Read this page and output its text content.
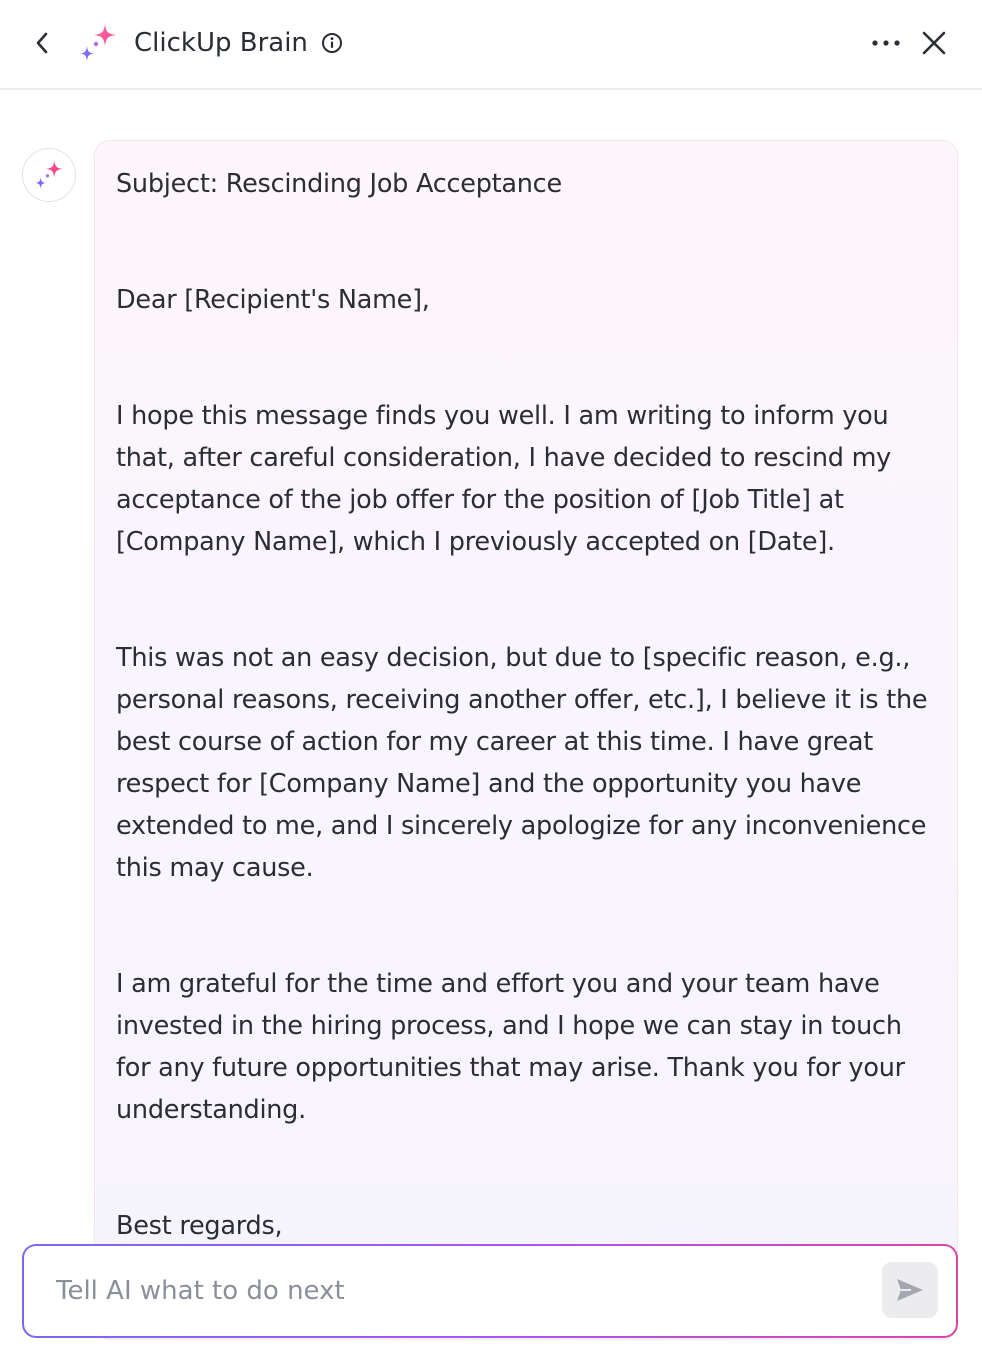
ClickUp Brain

Subject: Rescinding Job Acceptance

Dear [Recipient's Name],

I hope this message finds you well. I am writing to inform you that, after careful consideration, I have decided to rescind my acceptance of the job offer for the position of [Job Title] at [Company Name], which I previously accepted on [Date].

This was not an easy decision, but due to [specific reason, e.g., personal reasons, receiving another offer, etc.], I believe it is the best course of action for my career at this time. I have great respect for [Company Name] and the opportunity you have extended to me, and I sincerely apologize for any inconvenience this may cause.

I am grateful for the time and effort you and your team have invested in the hiring process, and I hope we can stay in touch for any future opportunities that may arise. Thank you for your understanding.

Best regards,

Tell AI what to do next
